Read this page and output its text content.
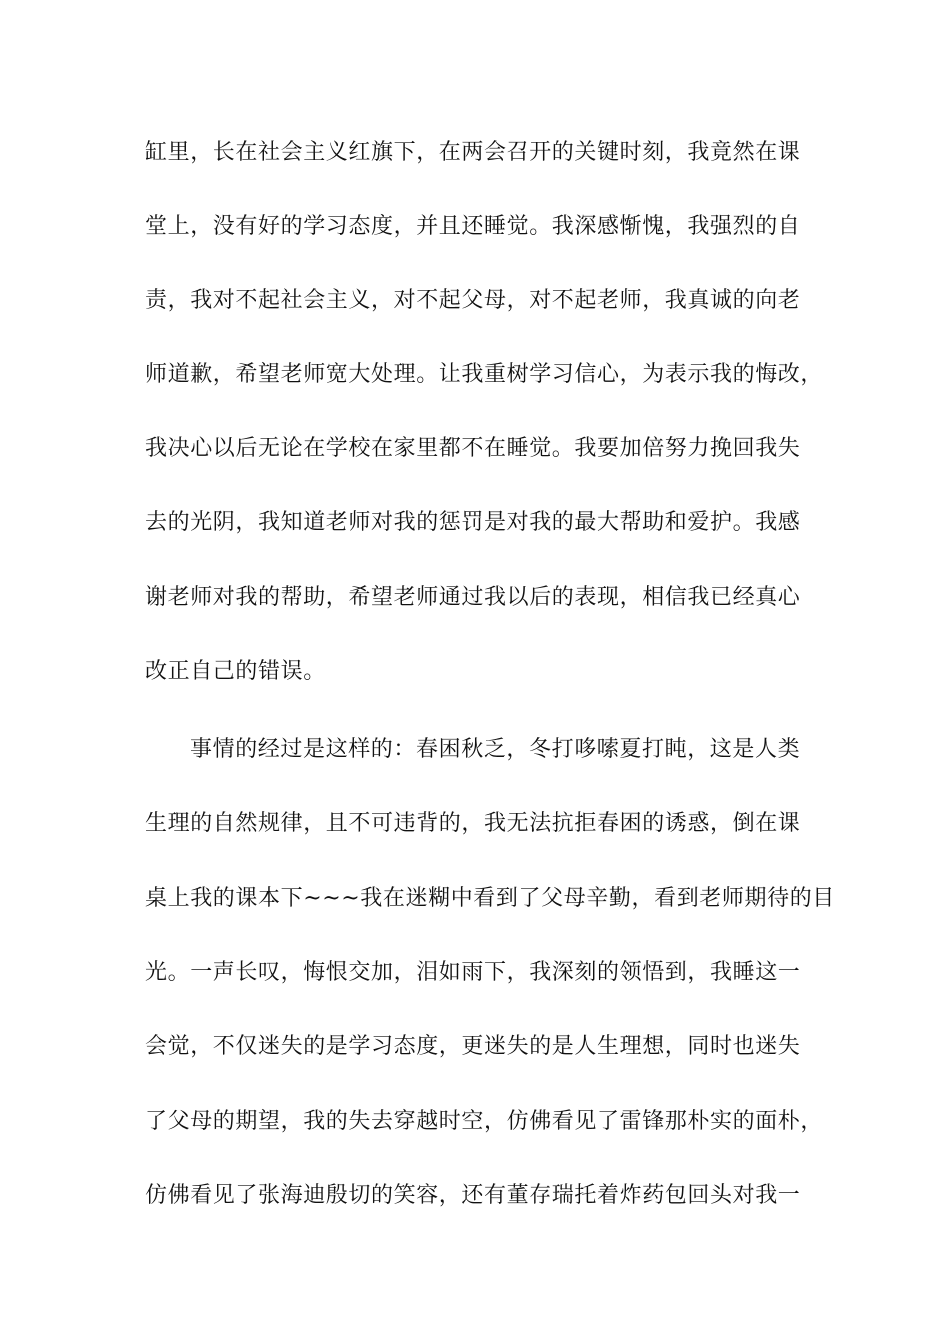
缸里，长在社会主义红旗下，在两会召开的关键时刻，我竟然在课
堂上，没有好的学习态度，并且还睡觉。我深感惭愧，我强烈的自
责，我对不起社会主义，对不起父母，对不起老师，我真诚的向老
师道歉，希望老师宽大处理。让我重树学习信心，为表示我的悔改，
我决心以后无论在学校在家里都不在睡觉。我要加倍努力挽回我失
去的光阴，我知道老师对我的惩罚是对我的最大帮助和爱护。我感
谢老师对我的帮助，希望老师通过我以后的表现，相信我已经真心
改正自己的错误。
事情的经过是这样的：春困秋乏，冬打哆嗦夏打盹，这是人类
生理的自然规律，且不可违背的，我无法抗拒春困的诱惑，倒在课
桌上我的课本下~~~我在迷糊中看到了父母辛勤，看到老师期待的目
光。一声长叹，悔恨交加，泪如雨下，我深刻的领悟到，我睡这一
会觉，不仅迷失的是学习态度，更迷失的是人生理想，同时也迷失
了父母的期望，我的失去穿越时空，仿佛看见了雷锋那朴实的面朴，
仿佛看见了张海迪殷切的笑容，还有董存瑞托着炸药包回头对我一
